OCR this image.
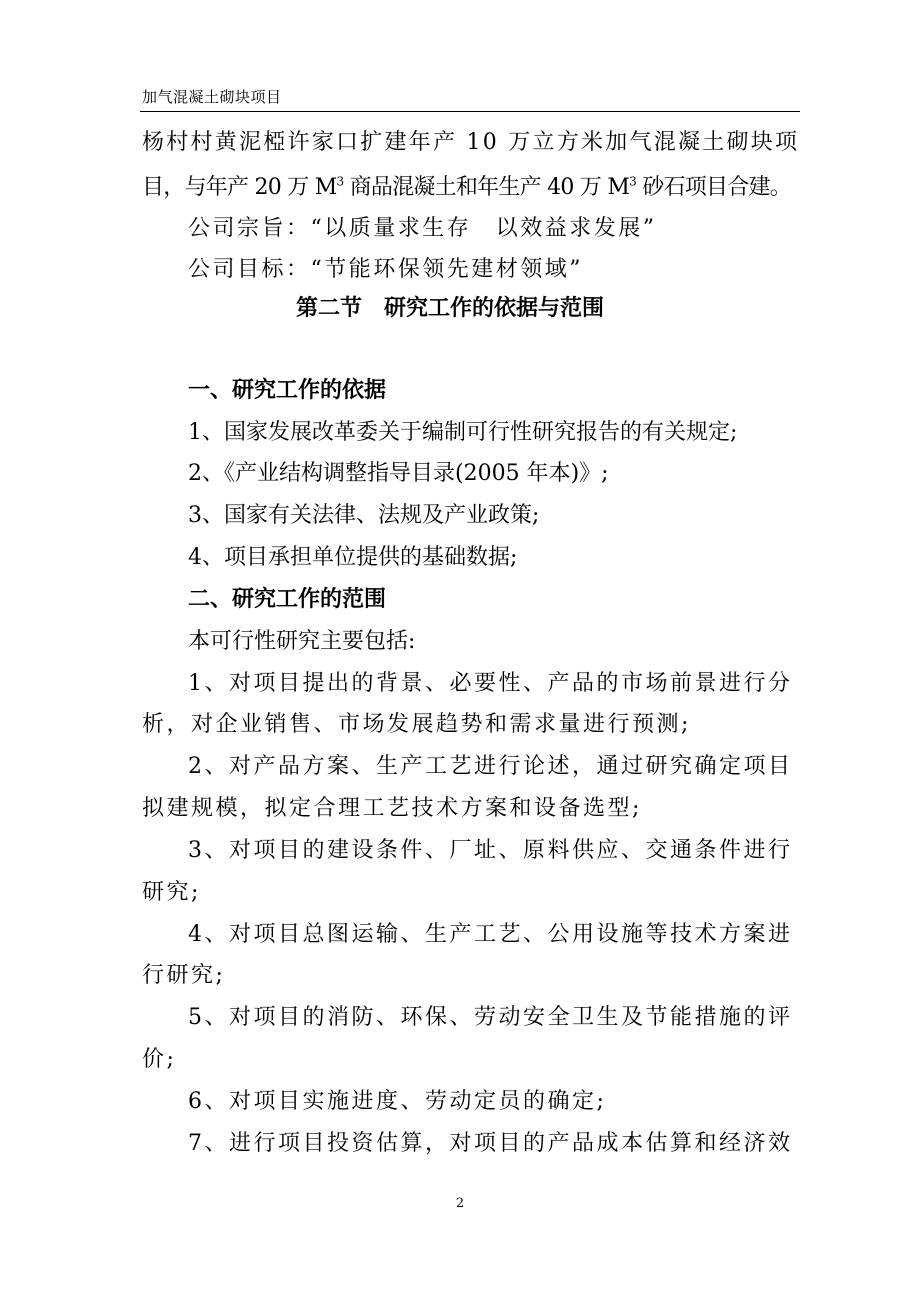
加气混凝土砌块项目
杨村村黄泥椏许家口扩建年产 10 万立方米加气混凝土砌块项
目，与年产 20 万 $M^3$ 商品混凝土和年生产 40 万 $M^3$ 砂石项目合建。
公司宗旨：“以质量求生存　以效益求发展”
公司目标：“节能环保领先建材领域”
第二节　研究工作的依据与范围
一、研究工作的依据
1、国家发展改革委关于编制可行性研究报告的有关规定;
2、《产业结构调整指导目录(2005 年本)》;
3、国家有关法律、法规及产业政策;
4、项目承担单位提供的基础数据;
二、研究工作的范围
本可行性研究主要包括:
1、对项目提出的背景、必要性、产品的市场前景进行分
析，对企业销售、市场发展趋势和需求量进行预测;
2、对产品方案、生产工艺进行论述，通过研究确定项目
拟建规模，拟定合理工艺技术方案和设备选型;
3、对项目的建设条件、厂址、原料供应、交通条件进行
研究;
4、对项目总图运输、生产工艺、公用设施等技术方案进
行研究;
5、对项目的消防、环保、劳动安全卫生及节能措施的评
价;
6、对项目实施进度、劳动定员的确定;
7、进行项目投资估算，对项目的产品成本估算和经济效
2
